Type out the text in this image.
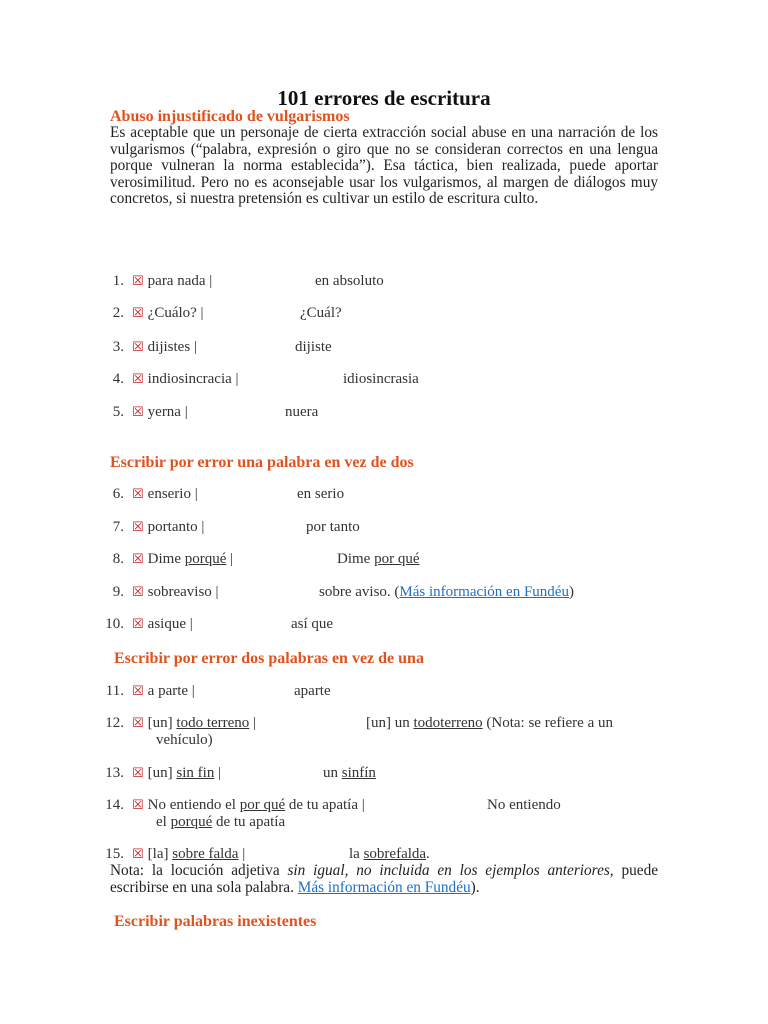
101 errores de escritura
Abuso injustificado de vulgarismos
Es aceptable que un personaje de cierta extracción social abuse en una narración de los vulgarismos (“palabra, expresión o giro que no se consideran correctos en una lengua porque vulneran la norma establecida”). Esa táctica, bien realizada, puede aportar verosimilitud. Pero no es aconsejable usar los vulgarismos, al margen de diálogos muy concretos, si nuestra pretensión es cultivar un estilo de escritura culto.
1. ☒ para nada |	en absoluto
2. ☒ ¿Cuálo? |	¿Cuál?
3. ☒ dijistes |	dijiste
4. ☒ indiosincracia |	idiosincrasia
5. ☒ yerna |	nuera
Escribir por error una palabra en vez de dos
6. ☒ enserio |	en serio
7. ☒ portanto |	por tanto
8. ☒ Dime porqué |	Dime por qué
9. ☒ sobreaviso |	sobre aviso. (Más información en Fundéu)
10. ☒ asique |	así que
Escribir por error dos palabras en vez de una
11. ☒ a parte |	aparte
12. ☒ [un] todo terreno |	[un] un todoterreno (Nota: se refiere a un
vehículo)
13. ☒ [un] sin fin |	un sinfín
14. ☒ No entiendo el por qué de tu apatía |	No entiendo
el porqué de tu apatía
15. ☒ [la] sobre falda |	la sobrefalda.
Nota: la locución adjetiva sin igual, no incluida en los ejemplos anteriores, puede escribirse en una sola palabra. Más información en Fundéu).
Escribir palabras inexistentes
